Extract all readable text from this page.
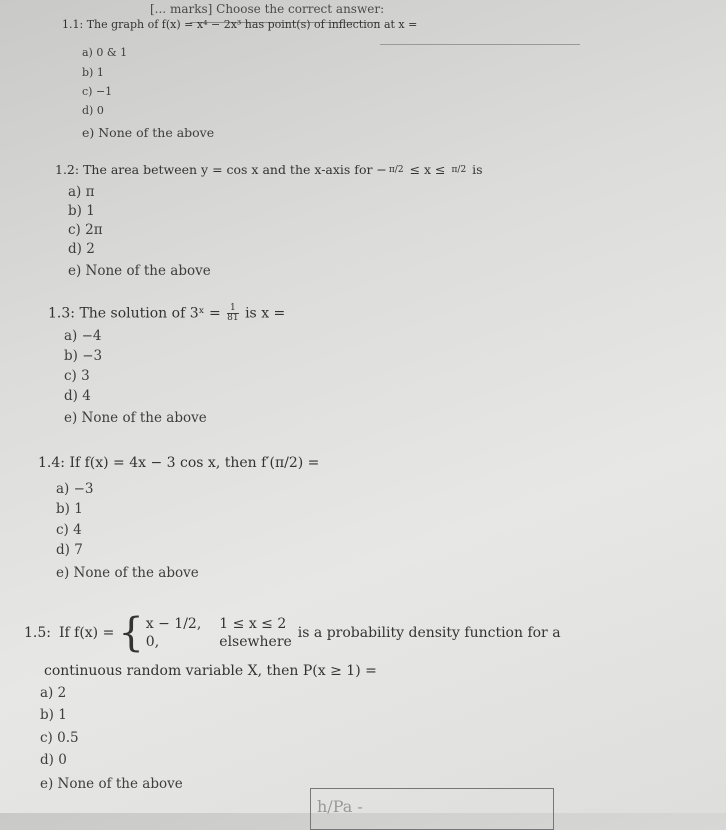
[... marks] Choose the correct answer:
1.1: The graph of f(x) = x⁴ − 2x³ has point(s) of inflection at x =
a) 0 & 1
b) 1
c) −1
d) 0
e) None of the above
1.2: The area between y = cos x and the x-axis for − π/2 ≤ x ≤ π/2 is
a) π
b) 1
c) 2π
d) 2
e) None of the above
1.3: The solution of 3ˣ = $\frac{1}{81}$ is x =
a) −4
b) −3
c) 3
d) 4
e) None of the above
1.4: If f(x) = 4x − 3 cos x, then f′(π/2) =
a) −3
b) 1
c) 4
d) 7
e) None of the above
1.5: If f(x) = { x − 1/2, 1 ≤ x ≤ 2
0,	elsewhere
is a probability density function for a
continuous random variable X, then P(x ≥ 1) =
a) 2
b) 1
c) 0.5
d) 0
e) None of the above
h/Pa -
